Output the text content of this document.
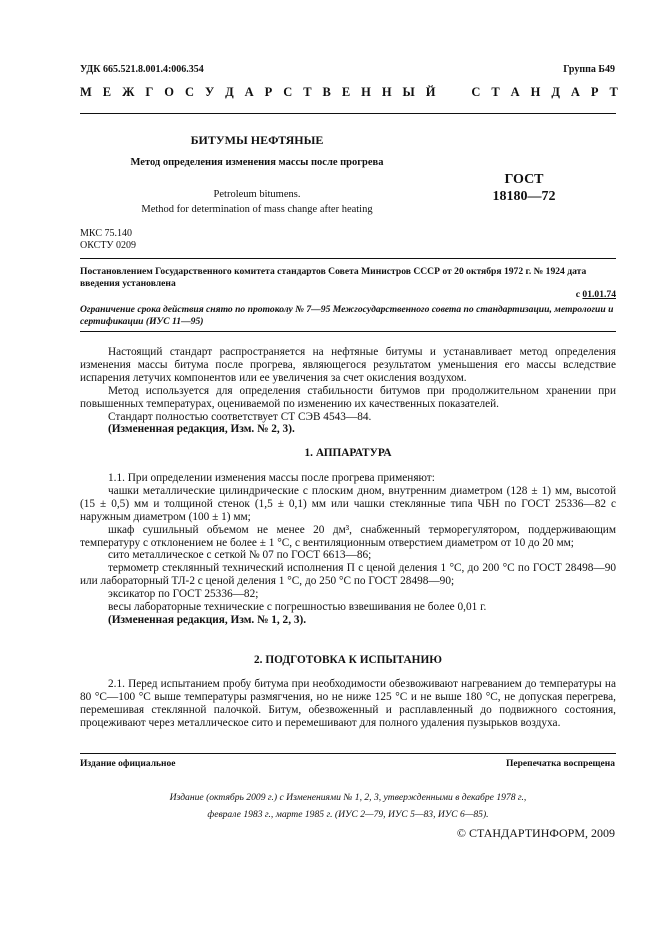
УДК 665.521.8.001.4:006.354	Группа Б49
М Е Ж Г О С У Д А Р С Т В Е Н Н Ы Й	С Т А Н Д А Р Т
БИТУМЫ НЕФТЯНЫЕ
Метод определения изменения массы после прогрева
Petroleum bitumens.
Method for determination of mass change after heating
ГОСТ
18180—72
МКС 75.140
ОКСТУ 0209
Постановлением Государственного комитета стандартов Совета Министров СССР от 20 октября 1972 г. № 1924 дата введения установлена
с 01.01.74
Ограничение срока действия снято по протоколу № 7—95 Межгосударственного совета по стандартизации, метрологии и сертификации (ИУС 11—95)

Настоящий стандарт распространяется на нефтяные битумы и устанавливает метод определения изменения массы битума после прогрева, являющегося результатом уменьшения его массы вследствие испарения летучих компонентов или ее увеличения за счет окисления воздухом.

Метод используется для определения стабильности битумов при продолжительном хранении при повышенных температурах, оцениваемой по изменению их качественных показателей.

Стандарт полностью соответствует СТ СЭВ 4543—84.

(Измененная редакция, Изм. № 2, 3).

1. АППАРАТУРА

1.1. При определении изменения массы после прогрева применяют:

чашки металлические цилиндрические с плоским дном, внутренним диаметром (128 ± 1) мм, высотой (15 ± 0,5) мм и толщиной стенок (1,5 ± 0,1) мм или чашки стеклянные типа ЧБН по ГОСТ 25336—82 с наружным диаметром (100 ± 1) мм;

шкаф сушильный объемом не менее 20 дм³, снабженный терморегулятором, поддерживающим температуру с отклонением не более ± 1 °С, с вентиляционным отверстием диаметром от 10 до 20 мм;

сито металлическое с сеткой № 07 по ГОСТ 6613—86;

термометр стеклянный технический исполнения П с ценой деления 1 °С, до 200 °С по ГОСТ 28498—90 или лабораторный ТЛ-2 с ценой деления 1 °С, до 250 °С по ГОСТ 28498—90;

эксикатор по ГОСТ 25336—82;

весы лабораторные технические с погрешностью взвешивания не более 0,01 г.

(Измененная редакция, Изм. № 1, 2, 3).

2. ПОДГОТОВКА К ИСПЫТАНИЮ

2.1. Перед испытанием пробу битума при необходимости обезвоживают нагреванием до температуры на 80 °С—100 °С выше температуры размягчения, но не ниже 125 °С и не выше 180 °С, не допуская перегрева, перемешивая стеклянной палочкой. Битум, обезвоженный и расплавленный до подвижного состояния, процеживают через металлическое сито и перемешивают для полного удаления пузырьков воздуха.

Издание официальное	Перепечатка воспрещена
Издание (октябрь 2009 г.) с Изменениями № 1, 2, 3, утвержденными в декабре 1978 г.,
феврале 1983 г., марте 1985 г. (ИУС 2—79, ИУС 5—83, ИУС 6—85).
© СТАНДАРТИНФОРМ, 2009
